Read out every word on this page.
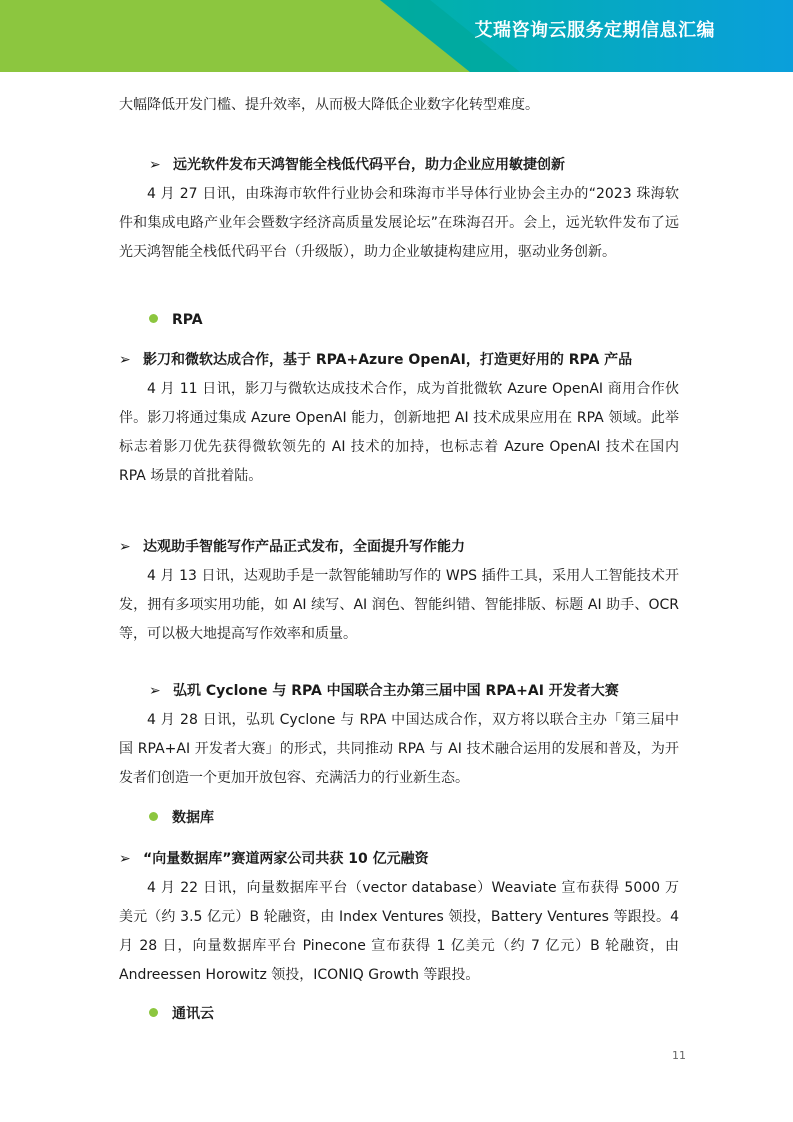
艾瑞咨询云服务定期信息汇编
大幅降低开发门槛、提升效率，从而极大降低企业数字化转型难度。
➢ 远光软件发布天鸿智能全栈低代码平台，助力企业应用敏捷创新

4 月 27 日讯，由珠海市软件行业协会和珠海市半导体行业协会主办的“2023 珠海软件和集成电路产业年会暨数字经济高质量发展论坛”在珠海召开。会上，远光软件发布了远光天鸿智能全栈低代码平台（升级版），助力企业敏捷构建应用，驱动业务创新。

RPA
➢ 影刀和微软达成合作，基于 RPA+Azure OpenAI，打造更好用的 RPA 产品

4 月 11 日讯，影刀与微软达成技术合作，成为首批微软 Azure OpenAI 商用合作伙伴。影刀将通过集成 Azure OpenAI 能力，创新地把 AI 技术成果应用在 RPA 领域。此举标志着影刀优先获得微软领先的 AI 技术的加持，也标志着 Azure OpenAI 技术在国内 RPA 场景的首批着陆。

➢ 达观助手智能写作产品正式发布，全面提升写作能力

4 月 13 日讯，达观助手是一款智能辅助写作的 WPS 插件工具，采用人工智能技术开发，拥有多项实用功能，如 AI 续写、AI 润色、智能纠错、智能排版、标题 AI 助手、OCR 等，可以极大地提高写作效率和质量。

➢ 弘玑 Cyclone 与 RPA 中国联合主办第三届中国 RPA+AI 开发者大赛

4 月 28 日讯，弘玑 Cyclone 与 RPA 中国达成合作，双方将以联合主办「第三届中国 RPA+AI 开发者大赛」的形式，共同推动 RPA 与 AI 技术融合运用的发展和普及，为开发者们创造一个更加开放包容、充满活力的行业新生态。

数据库
➢ “向量数据库”赛道两家公司共获 10 亿元融资

4 月 22 日讯，向量数据库平台（vector database）Weaviate 宣布获得 5000 万美元（约 3.5 亿元）B 轮融资，由 Index Ventures 领投，Battery Ventures 等跟投。4 月 28 日，向量数据库平台 Pinecone 宣布获得 1 亿美元（约 7 亿元）B 轮融资，由 Andreessen Horowitz 领投，ICONIQ Growth 等跟投。

通讯云
11
